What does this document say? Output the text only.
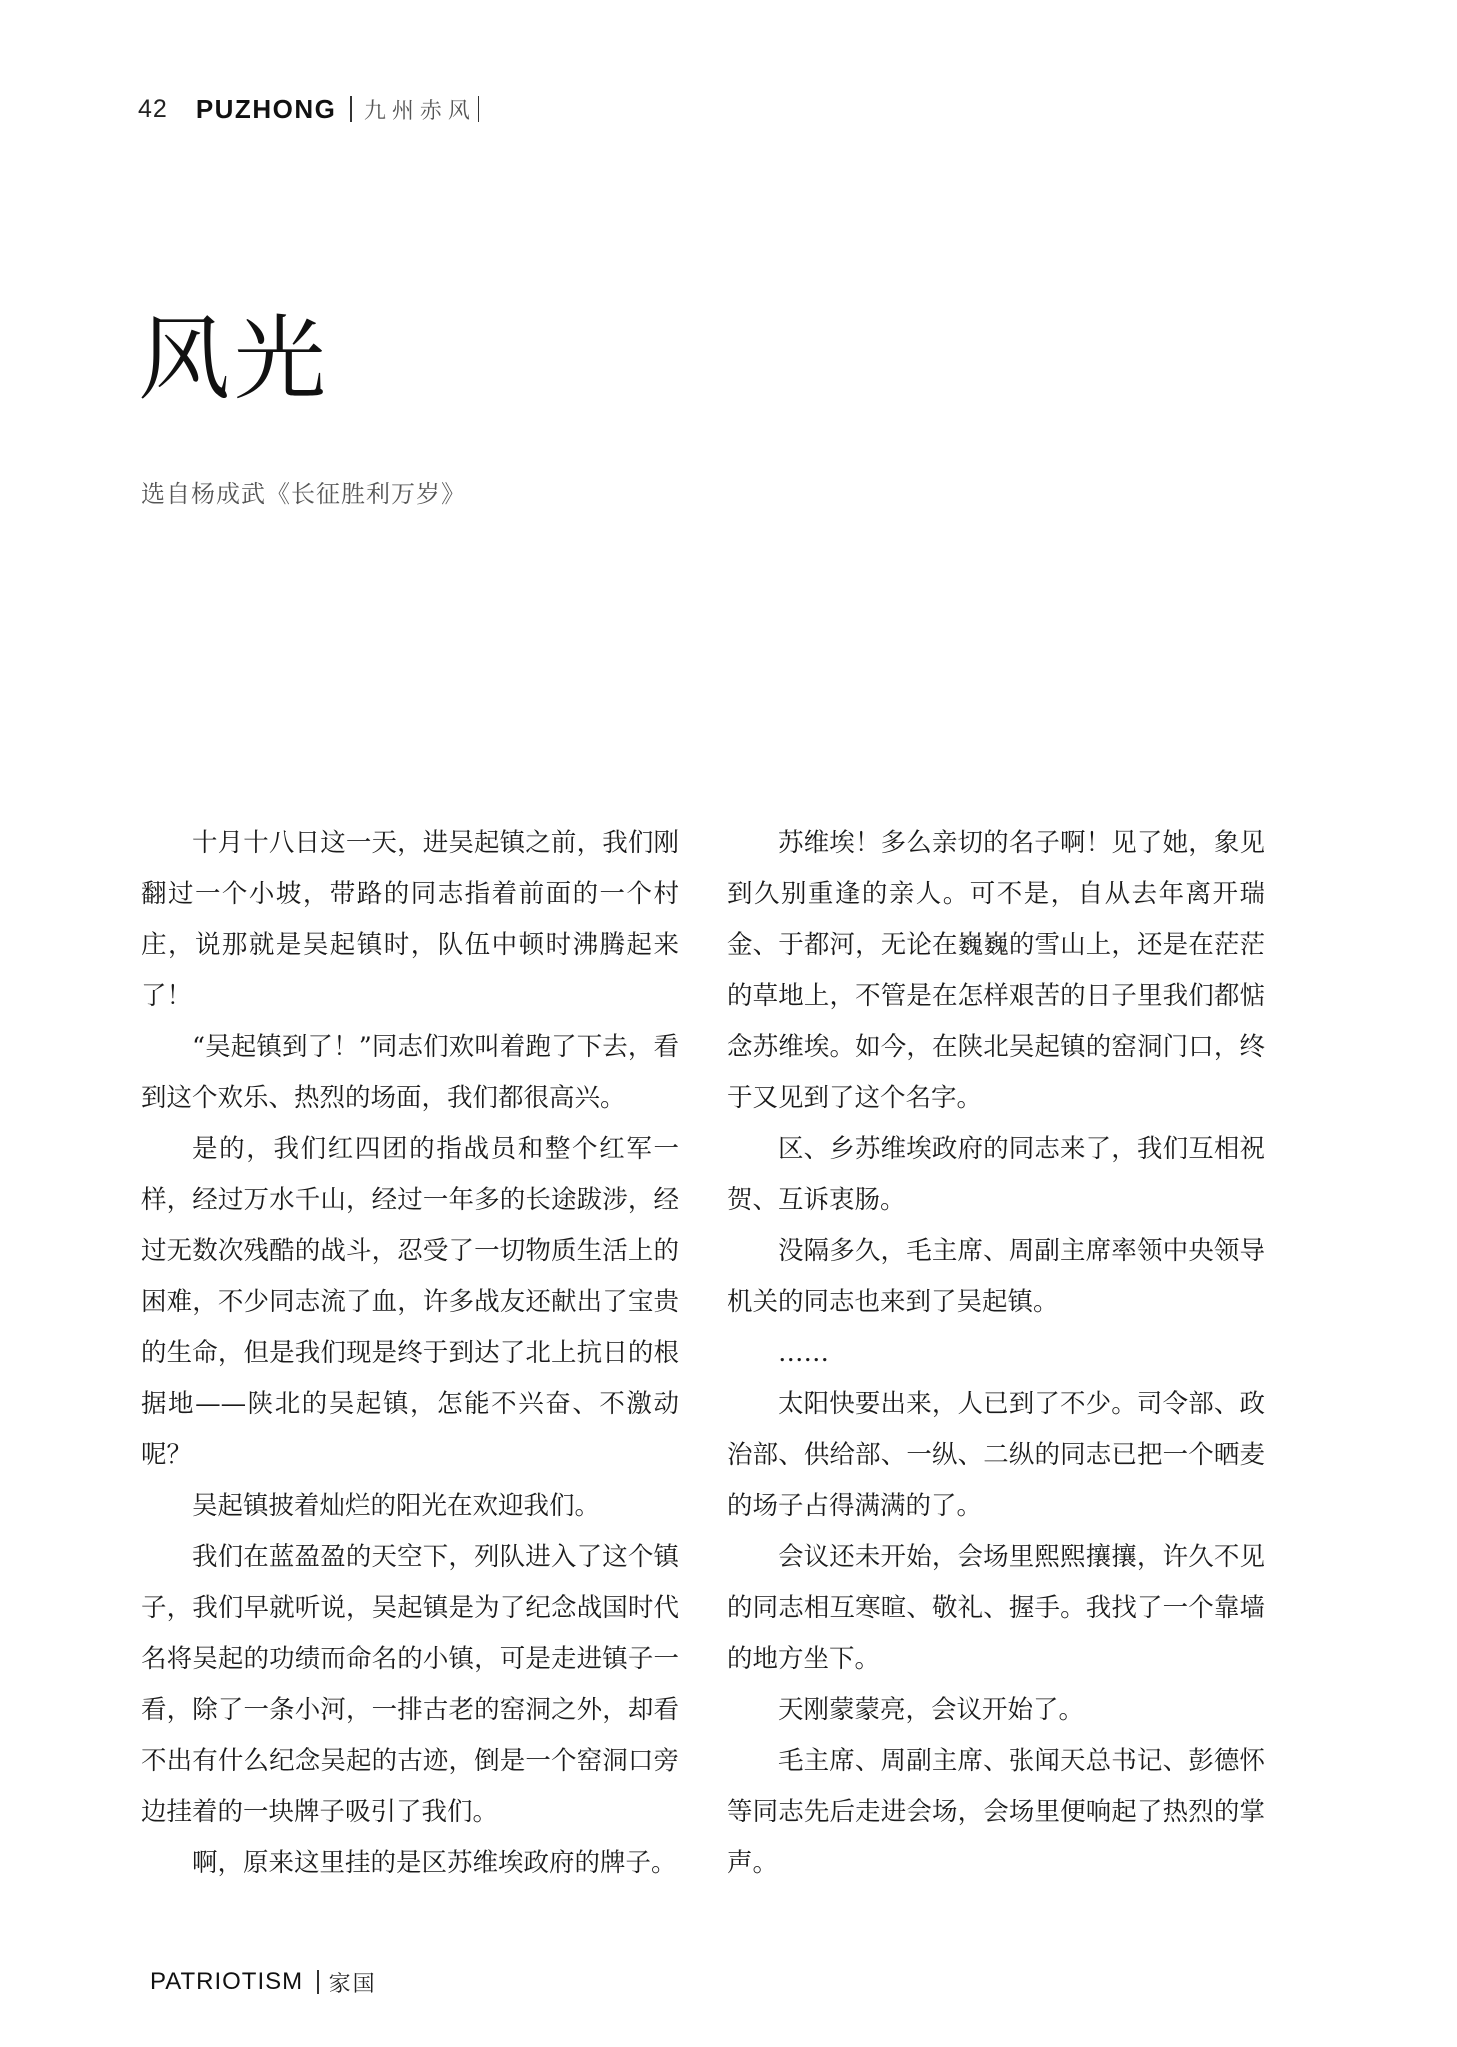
42 PUZHONG 九州赤风
风光
选自杨成武《长征胜利万岁》

十月十八日这一天，进吴起镇之前，我们刚翻过一个小坡，带路的同志指着前面的一个村庄，说那就是吴起镇时，队伍中顿时沸腾起来了！

“吴起镇到了！”同志们欢叫着跑了下去，看到这个欢乐、热烈的场面，我们都很高兴。

是的，我们红四团的指战员和整个红军一样，经过万水千山，经过一年多的长途跋涉，经过无数次残酷的战斗，忍受了一切物质生活上的困难，不少同志流了血，许多战友还献出了宝贵的生命，但是我们现是终于到达了北上抗日的根据地——陕北的吴起镇，怎能不兴奋、不激动呢？

吴起镇披着灿烂的阳光在欢迎我们。

我们在蓝盈盈的天空下，列队进入了这个镇子，我们早就听说，吴起镇是为了纪念战国时代名将吴起的功绩而命名的小镇，可是走进镇子一看，除了一条小河，一排古老的窑洞之外，却看不出有什么纪念吴起的古迹，倒是一个窑洞口旁边挂着的一块牌子吸引了我们。

啊，原来这里挂的是区苏维埃政府的牌子。

苏维埃！多么亲切的名子啊！见了她，象见到久别重逢的亲人。可不是，自从去年离开瑞金、于都河，无论在巍巍的雪山上，还是在茫茫的草地上，不管是在怎样艰苦的日子里我们都惦念苏维埃。如今，在陕北吴起镇的窑洞门口，终于又见到了这个名字。

区、乡苏维埃政府的同志来了，我们互相祝贺、互诉衷肠。

没隔多久，毛主席、周副主席率领中央领导机关的同志也来到了吴起镇。

……

太阳快要出来，人已到了不少。司令部、政治部、供给部、一纵、二纵的同志已把一个晒麦的场子占得满满的了。

会议还未开始，会场里熙熙攘攘，许久不见的同志相互寒暄、敬礼、握手。我找了一个靠墙的地方坐下。

天刚蒙蒙亮，会议开始了。

毛主席、周副主席、张闻天总书记、彭德怀等同志先后走进会场，会场里便响起了热烈的掌声。

PATRIOTISM 家国
